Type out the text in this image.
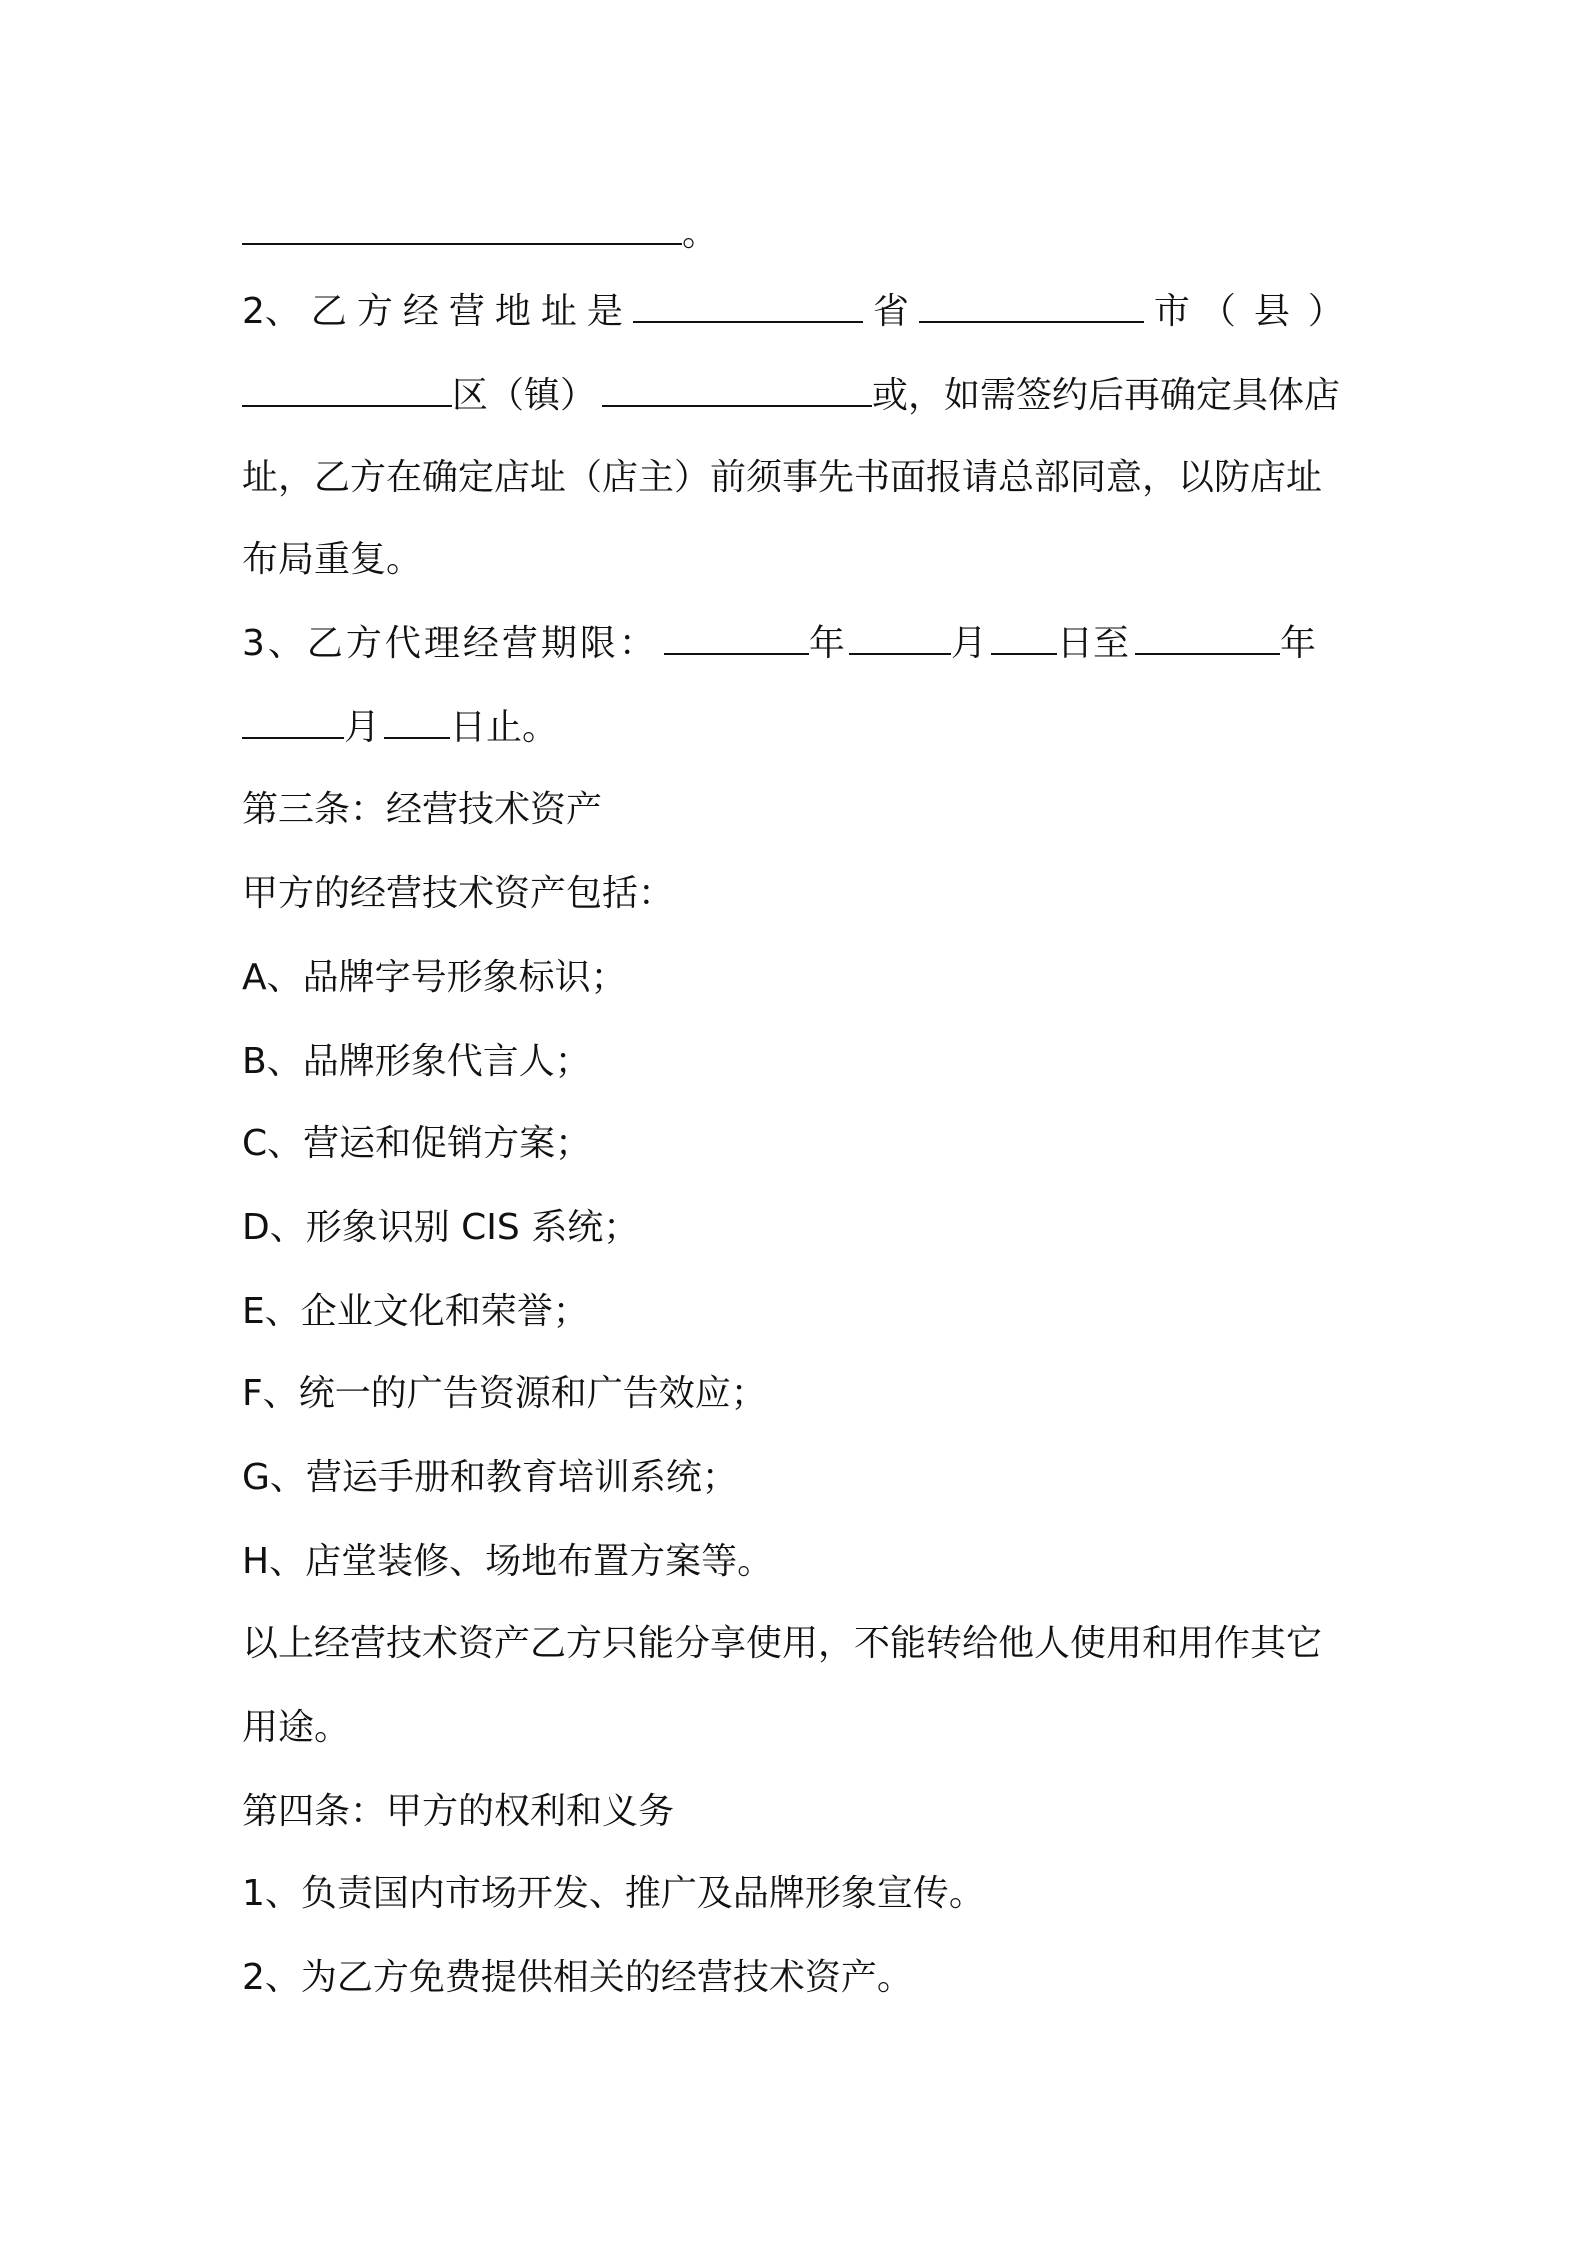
。
2、 乙 方 经 营 地 址 是	省	市 （县）
区（镇）	或，如需签约后再确定具体店
址，乙方在确定店址（店主）前须事先书面报请总部同意，以防店址
布局重复。
3、乙方代理经营期限：	年	月 日至	年
月 日止。
第三条：经营技术资产
甲方的经营技术资产包括：
A、品牌字号形象标识；
B、品牌形象代言人；
C、营运和促销方案；
D、形象识别 CIS 系统；
E、企业文化和荣誉；
F、统一的广告资源和广告效应；
G、营运手册和教育培训系统；
H、店堂装修、场地布置方案等。
以上经营技术资产乙方只能分享使用，不能转给他人使用和用作其它
用途。
第四条：甲方的权利和义务
1、负责国内市场开发、推广及品牌形象宣传。
2、为乙方免费提供相关的经营技术资产。
